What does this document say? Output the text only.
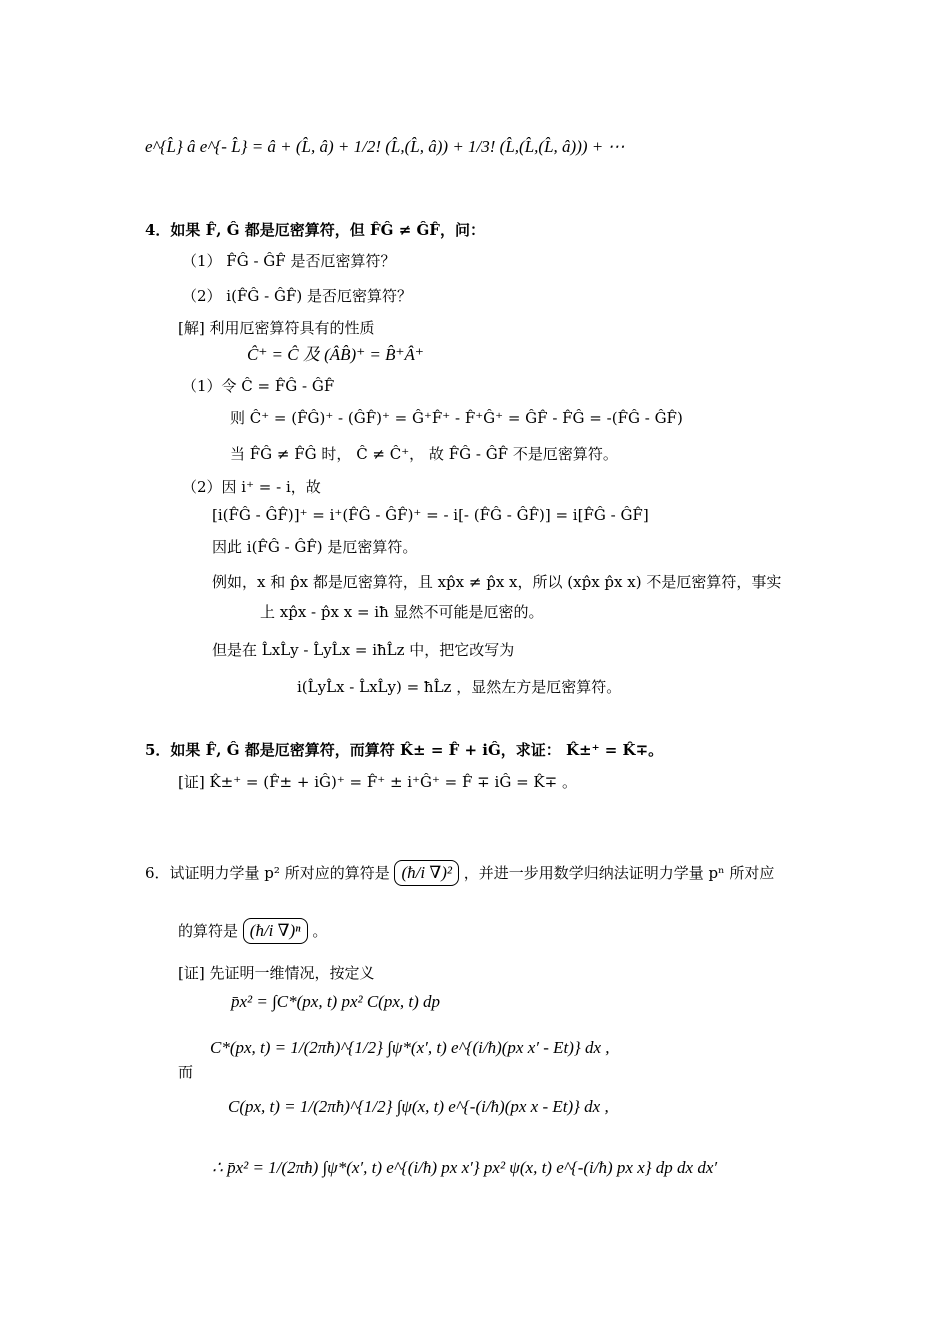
e^{L̂} â e^{- L̂} = â + (L̂, â) + 1/2! (L̂,(L̂, â)) + 1/3! (L̂,(L̂,(L̂, â))) + ⋯
4．如果 F̂, Ĝ 都是厄密算符，但 F̂Ĝ ≠ ĜF̂，问：
（1） F̂Ĝ - ĜF̂ 是否厄密算符？
（2） i(F̂Ĝ - ĜF̂) 是否厄密算符？
[解] 利用厄密算符具有的性质
Ĉ⁺ = Ĉ 及 (ÂB̂)⁺ = B̂⁺Â⁺
（1）令 Ĉ = F̂Ĝ - ĜF̂
则 Ĉ⁺ = (F̂Ĝ)⁺ - (ĜF̂)⁺ = Ĝ⁺F̂⁺ - F̂⁺Ĝ⁺ = ĜF̂ - F̂Ĝ = -(F̂Ĝ - ĜF̂)
当 F̂Ĝ ≠ F̂Ĝ 时， Ĉ ≠ Ĉ⁺， 故 F̂Ĝ - ĜF̂ 不是厄密算符。
（2）因 i⁺ = - i，故
[i(F̂Ĝ - ĜF̂)]⁺ = i⁺(F̂Ĝ - ĜF̂)⁺ = - i[- (F̂Ĝ - ĜF̂)] = i[F̂Ĝ - ĜF̂]
因此 i(F̂Ĝ - ĜF̂) 是厄密算符。
例如，x 和 p̂x 都是厄密算符，且 xp̂x ≠ p̂x x，所以 (xp̂x p̂x x) 不是厄密算符，事实
上 xp̂x - p̂x x = iħ 显然不可能是厄密的。
但是在 L̂xL̂y - L̂yL̂x = iħL̂z 中，把它改写为
i(L̂yL̂x - L̂xL̂y) = ħL̂z ，显然左方是厄密算符。
5．如果 F̂, Ĝ 都是厄密算符，而算符 K̂± = F̂ + iĜ，求证： K̂±⁺ = K̂∓。
[证] K̂±⁺ = (F̂± + iĜ)⁺ = F̂⁺ ± i⁺Ĝ⁺ = F̂ ∓ iĜ = K̂∓ 。
6．试证明力学量 p² 所对应的算符是 (ħ/i ∇)² ，并进一步用数学归纳法证明力学量 pⁿ 所对应
的算符是 (ħ/i ∇)ⁿ 。
[证] 先证明一维情况，按定义
p̄x² = ∫C*(px, t) px² C(px, t) dp
而
C*(px, t) = 1/(2πħ)^{1/2} ∫ψ*(x′, t) e^{(i/ħ)(px x′ - Et)} dx ,
C(px, t) = 1/(2πħ)^{1/2} ∫ψ(x, t) e^{-(i/ħ)(px x - Et)} dx ,
∴ p̄x² = 1/(2πħ) ∫ψ*(x′, t) e^{(i/ħ) px x′} px² ψ(x, t) e^{-(i/ħ) px x} dp dx dx′
